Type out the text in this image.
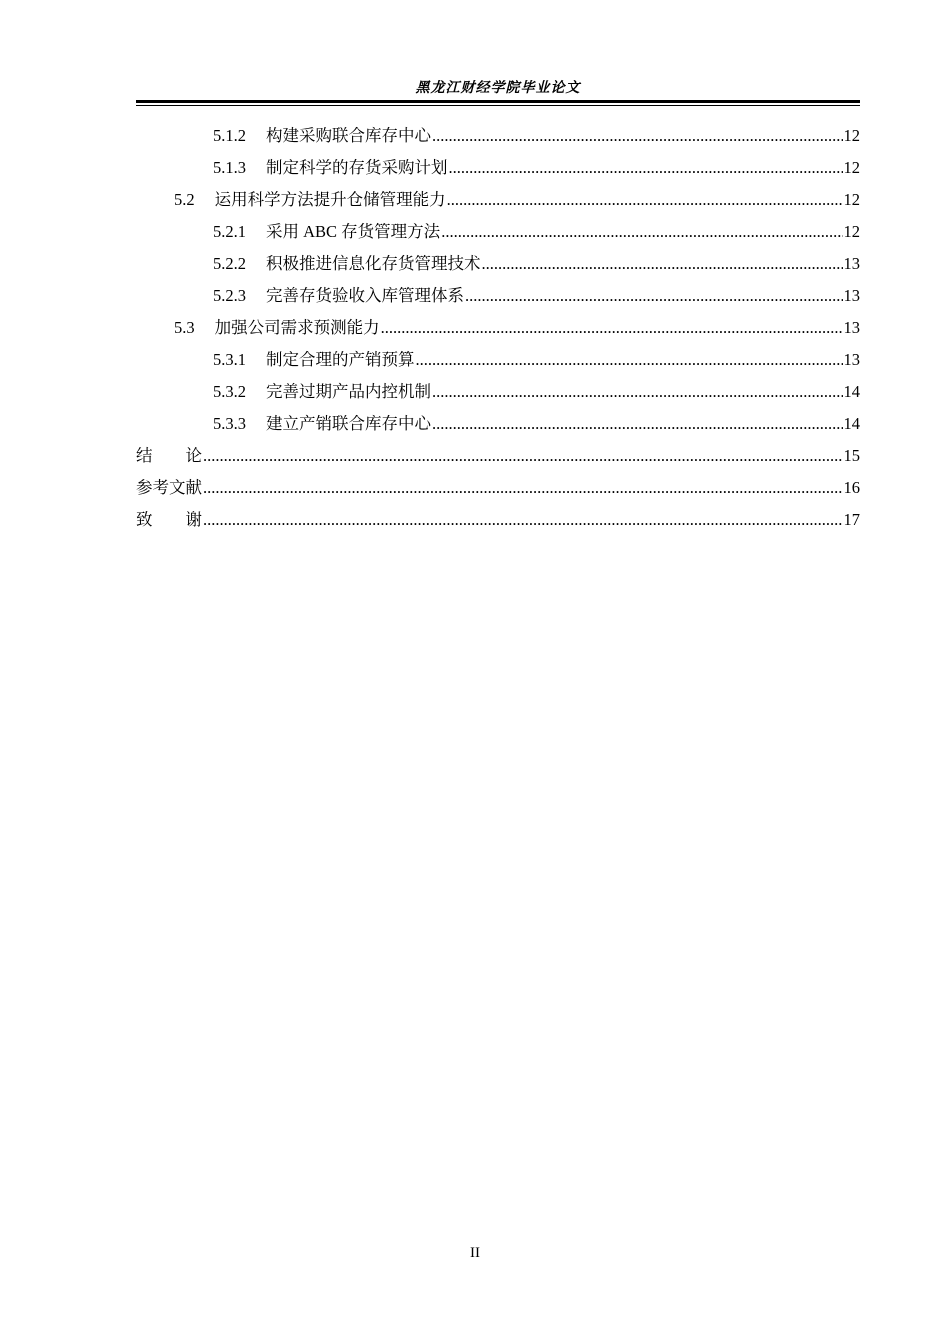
黑龙江财经学院毕业论文
5.1.2 构建采购联合库存中心 .....	12
5.1.3 制定科学的存货采购计划 .....	12
5.2 运用科学方法提升仓储管理能力 .....	12
5.2.1 采用 ABC 存货管理方法 .....	12
5.2.2 积极推进信息化存货管理技术 .....	13
5.2.3 完善存货验收入库管理体系 .....	13
5.3 加强公司需求预测能力 .....	13
5.3.1 制定合理的产销预算 .....	13
5.3.2 完善过期产品内控机制 .....	14
5.3.3 建立产销联合库存中心 .....	14
结　　论 .....	15
参考文献 .....	16
致　　谢 .....	17
II
